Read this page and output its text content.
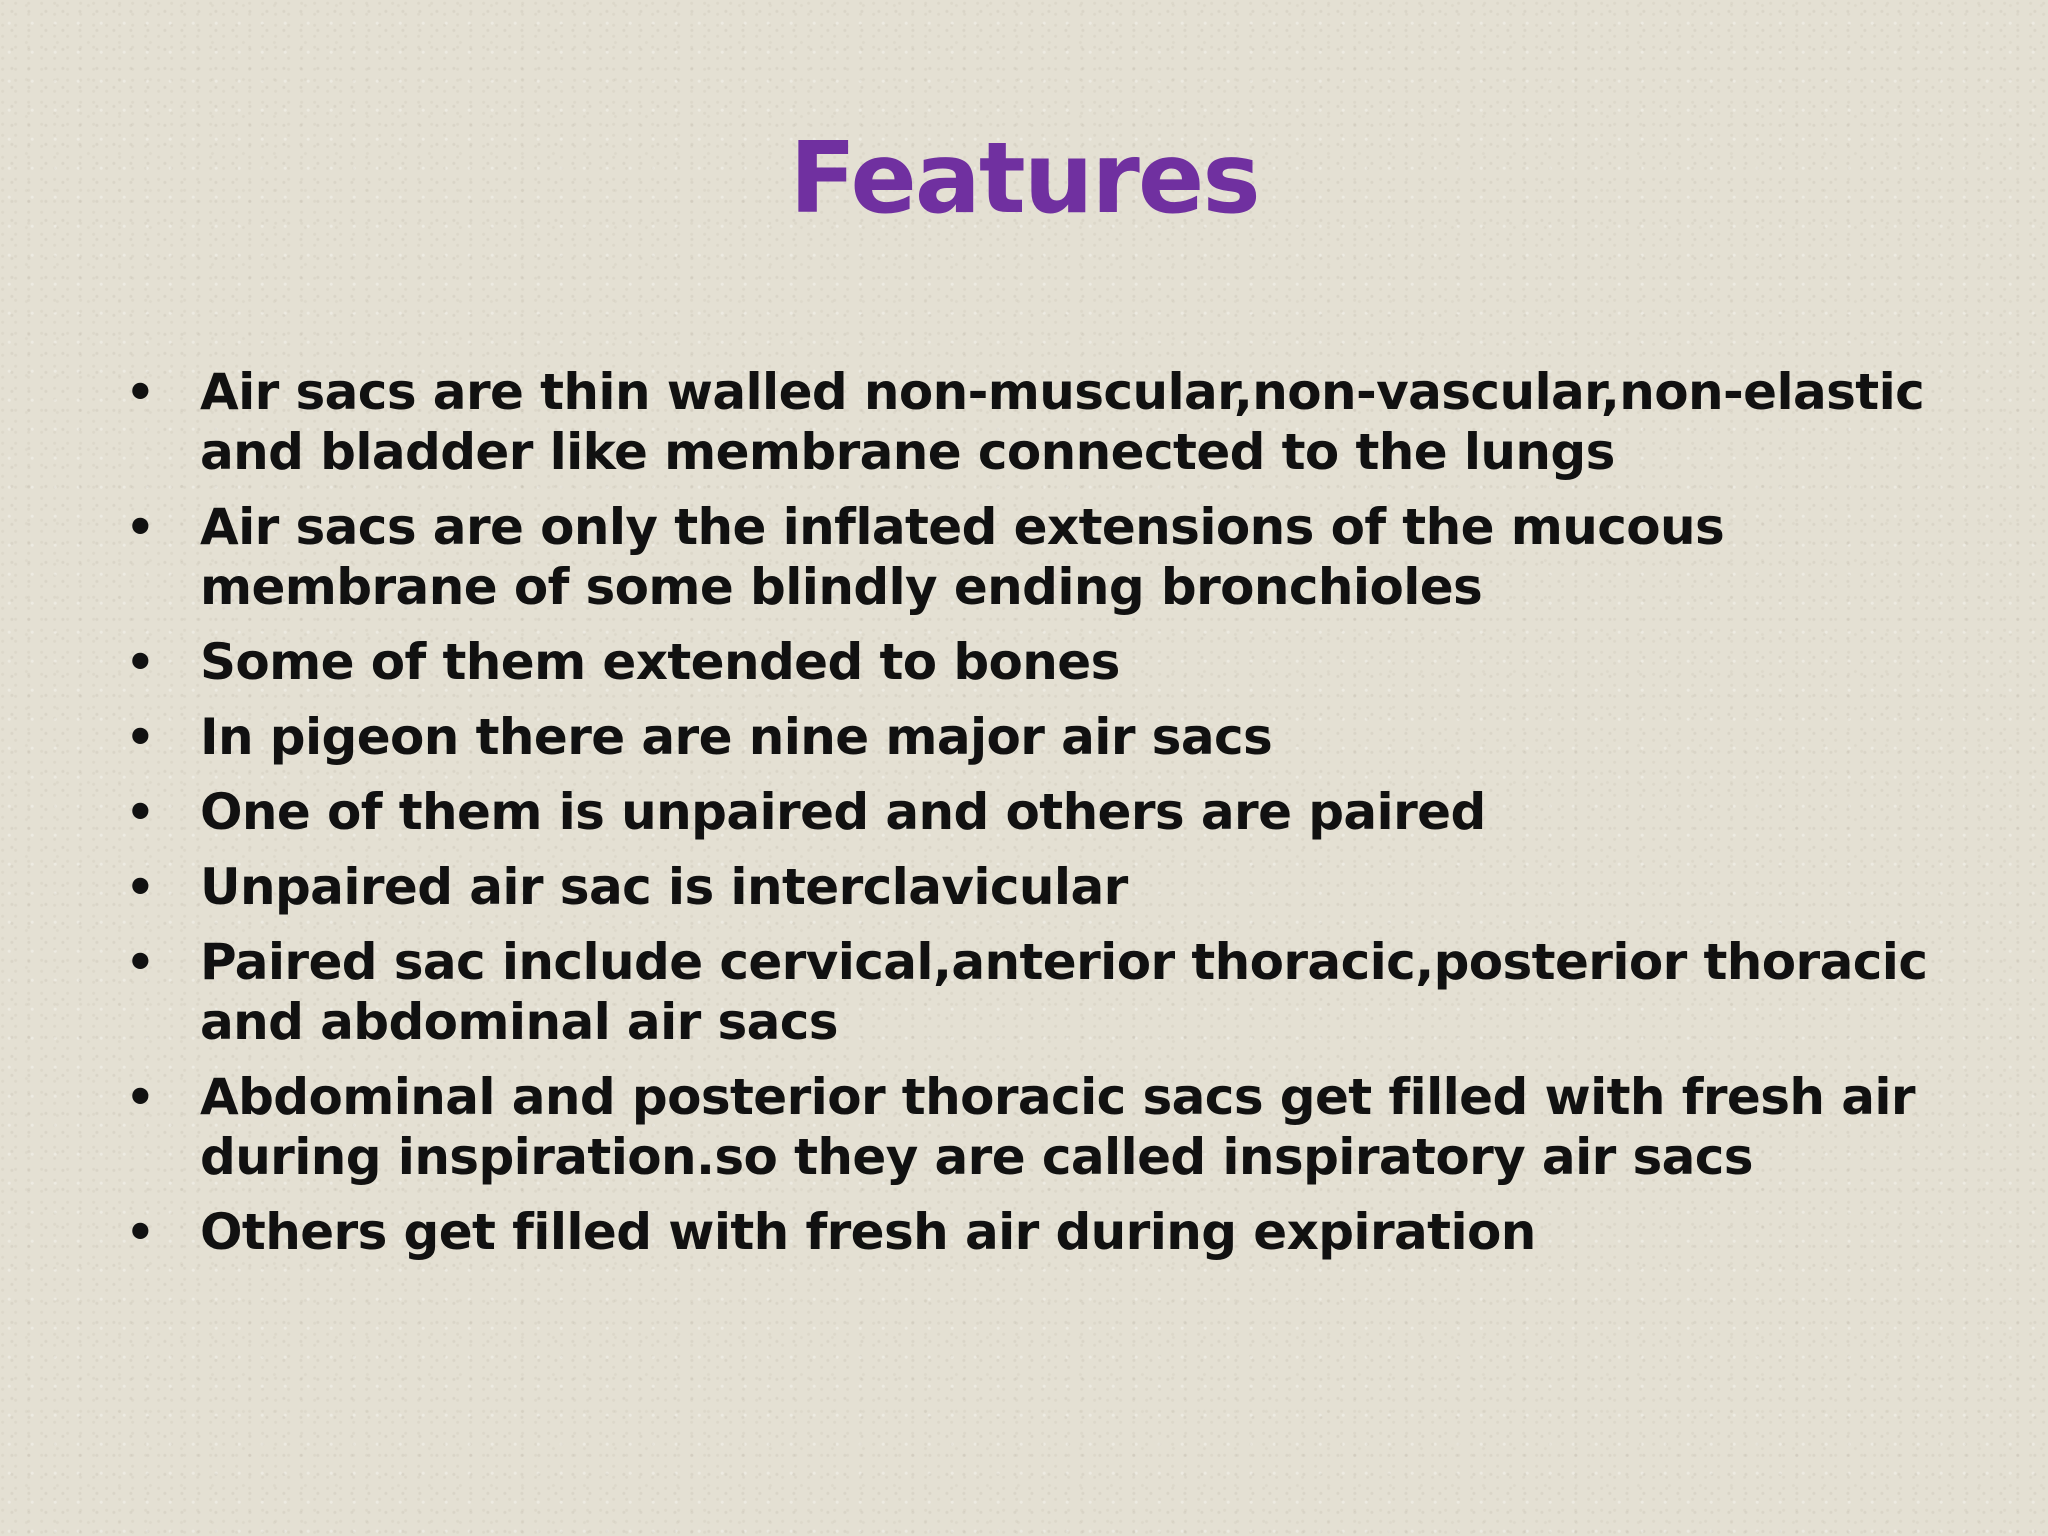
Features
• Air sacs are thin walled non-muscular,non-vascular,non-elastic and bladder like membrane connected to the lungs
• Air sacs are only the inflated extensions of the mucous membrane of some blindly ending bronchioles
• Some of them extended to bones
• In pigeon there are nine major air sacs
• One of them is unpaired and others are paired
• Unpaired air sac is interclavicular
• Paired sac include cervical,anterior thoracic,posterior thoracic and abdominal air sacs
• Abdominal and posterior thoracic sacs get filled with fresh air during inspiration.so they are called inspiratory air sacs
• Others get filled with fresh air during expiration
